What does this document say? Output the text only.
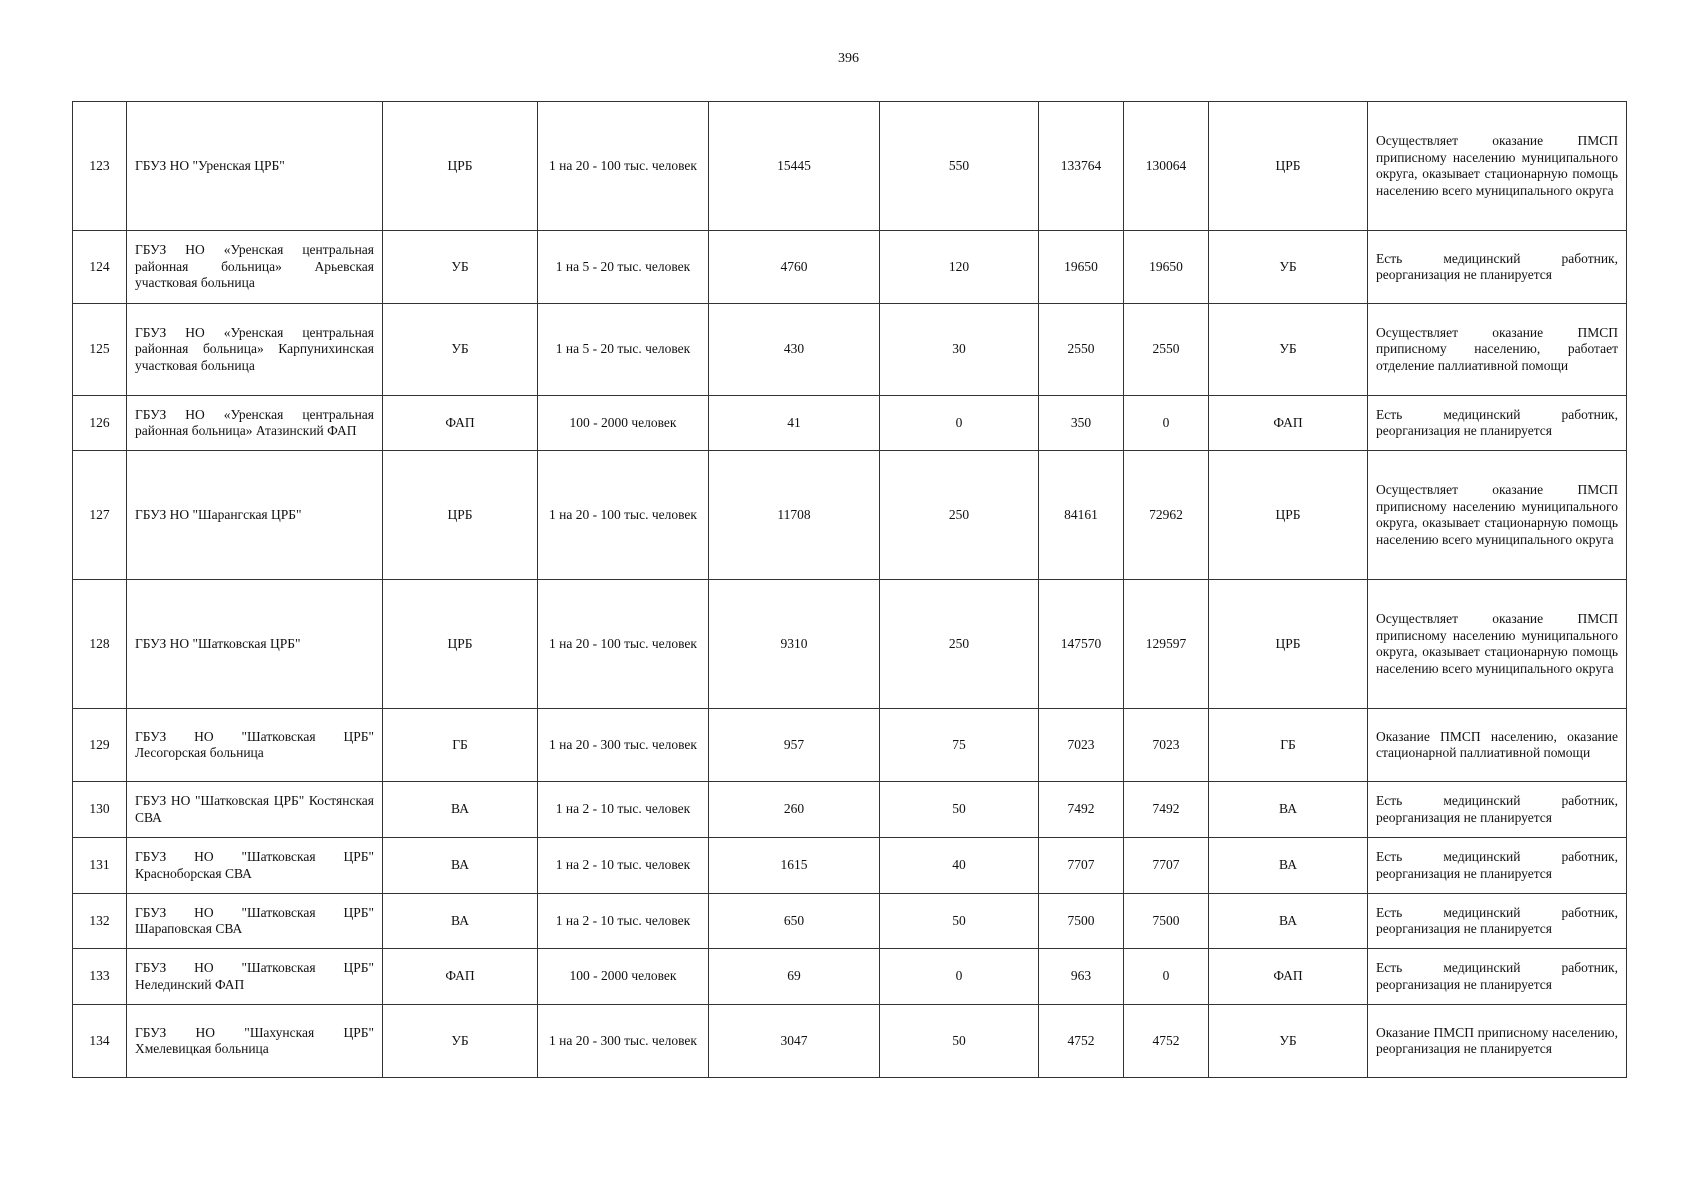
396
123	ГБУЗ НО "Уренская ЦРБ"	ЦРБ	1 на 20 - 100 тыс. человек	15445	550	133764	130064	ЦРБ	Осуществляет оказание ПМСП приписному населению муниципального округа, оказывает стационарную помощь населению всего муниципального округа
124	ГБУЗ НО «Уренская центральная районная больница» Арьевская участковая больница	УБ	1 на 5 - 20 тыс. человек	4760	120	19650	19650	УБ	Есть медицинский работник, реорганизация не планируется
125	ГБУЗ НО «Уренская центральная районная больница» Карпунихинская участковая больница	УБ	1 на 5 - 20 тыс. человек	430	30	2550	2550	УБ	Осуществляет оказание ПМСП приписному населению, работает отделение паллиативной помощи
126	ГБУЗ НО «Уренская центральная районная больница» Атазинский ФАП	ФАП	100 - 2000 человек	41	0	350	0	ФАП	Есть медицинский работник, реорганизация не планируется
127	ГБУЗ НО "Шарангская ЦРБ"	ЦРБ	1 на 20 - 100 тыс. человек	11708	250	84161	72962	ЦРБ	Осуществляет оказание ПМСП приписному населению муниципального округа, оказывает стационарную помощь населению всего муниципального округа
128	ГБУЗ НО "Шатковская ЦРБ"	ЦРБ	1 на 20 - 100 тыс. человек	9310	250	147570	129597	ЦРБ	Осуществляет оказание ПМСП приписному населению муниципального округа, оказывает стационарную помощь населению всего муниципального округа
129	ГБУЗ НО "Шатковская ЦРБ" Лесогорская больница	ГБ	1 на 20 - 300 тыс. человек	957	75	7023	7023	ГБ	Оказание ПМСП населению, оказание стационарной паллиативной помощи
130	ГБУЗ НО "Шатковская ЦРБ" Костянская СВА	ВА	1 на 2 - 10 тыс. человек	260	50	7492	7492	ВА	Есть медицинский работник, реорганизация не планируется
131	ГБУЗ НО "Шатковская ЦРБ" Красноборская СВА	ВА	1 на 2 - 10 тыс. человек	1615	40	7707	7707	ВА	Есть медицинский работник, реорганизация не планируется
132	ГБУЗ НО "Шатковская ЦРБ" Шараповская СВА	ВА	1 на 2 - 10 тыс. человек	650	50	7500	7500	ВА	Есть медицинский работник, реорганизация не планируется
133	ГБУЗ НО "Шатковская ЦРБ" Нелединский ФАП	ФАП	100 - 2000 человек	69	0	963	0	ФАП	Есть медицинский работник, реорганизация не планируется
134	ГБУЗ НО "Шахунская ЦРБ" Хмелевицкая больница	УБ	1 на 20 - 300 тыс. человек	3047	50	4752	4752	УБ	Оказание ПМСП приписному населению, реорганизация не планируется
